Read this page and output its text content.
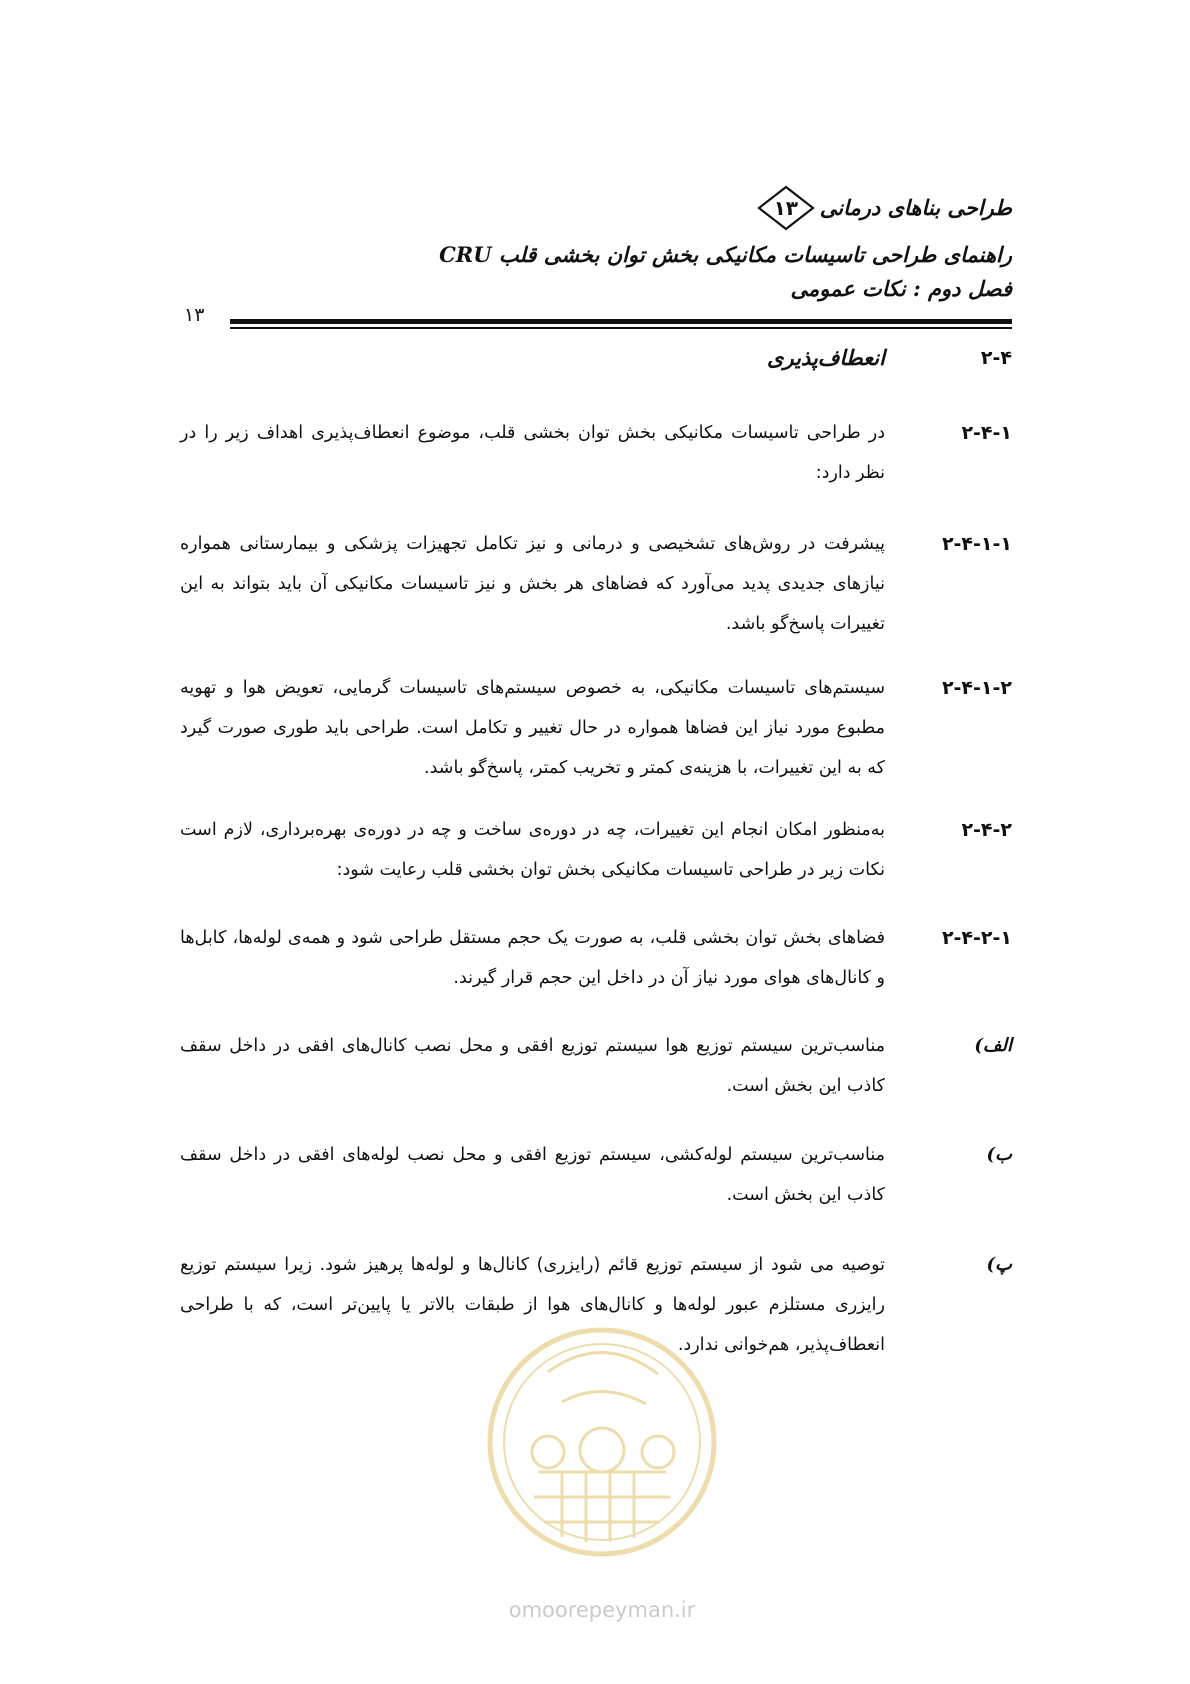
طراحی بناهای درمانی
۱۳
راهنمای طراحی تاسیسات مکانیکی بخش توان بخشی قلب CRU
فصل دوم : نکات عمومی
۱۳
۲-۴
انعطاف‌پذیری
۲-۴-۱
در طراحی تاسیسات مکانیکی بخش توان بخشی قلب، موضوع انعطاف‌پذیری اهداف زیر را در نظر دارد:
۲-۴-۱-۱
پیشرفت در روش‌های تشخیصی و درمانی و نیز تکامل تجهیزات پزشکی و بیمارستانی همواره نیازهای جدیدی پدید می‌آورد که فضاهای هر بخش و نیز تاسیسات مکانیکی آن باید بتواند به این تغییرات پاسخ‌گو باشد.
۲-۴-۱-۲
سیستم‌های تاسیسات مکانیکی، به خصوص سیستم‌های تاسیسات گرمایی، تعویض هوا و تهویه مطبوع مورد نیاز این فضاها همواره در حال تغییر و تکامل است. طراحی باید طوری صورت گیرد که به این تغییرات، با هزینه‌ی کمتر و تخریب کمتر، پاسخ‌گو باشد.
۲-۴-۲
به‌منظور امکان انجام این تغییرات، چه در دوره‌ی ساخت و چه در دوره‌ی بهره‌برداری، لازم است نکات زیر در طراحی تاسیسات مکانیکی بخش توان بخشی قلب رعایت شود:
۲-۴-۲-۱
فضاهای بخش توان بخشی قلب، به صورت یک حجم مستقل طراحی شود و همه‌ی لوله‌ها، کابل‌ها و کانال‌های هوای مورد نیاز آن در داخل این حجم قرار گیرند.
الف)
مناسب‌ترین سیستم توزیع هوا سیستم توزیع افقی و محل نصب کانال‌های افقی در داخل سقف کاذب این بخش است.
ب)
مناسب‌ترین سیستم لوله‌کشی، سیستم توزیع افقی و محل نصب لوله‌های افقی در داخل سقف کاذب این بخش است.
پ)
توصیه می شود از سیستم توزیع قائم (رایزری) کانال‌ها و لوله‌ها پرهیز شود. زیرا سیستم توزیع رایزری مستلزم عبور لوله‌ها و کانال‌های هوا از طبقات بالاتر یا پایین‌تر است، که با طراحی انعطاف‌پذیر، هم‌خوانی ندارد.
omoorepeyman.ir
